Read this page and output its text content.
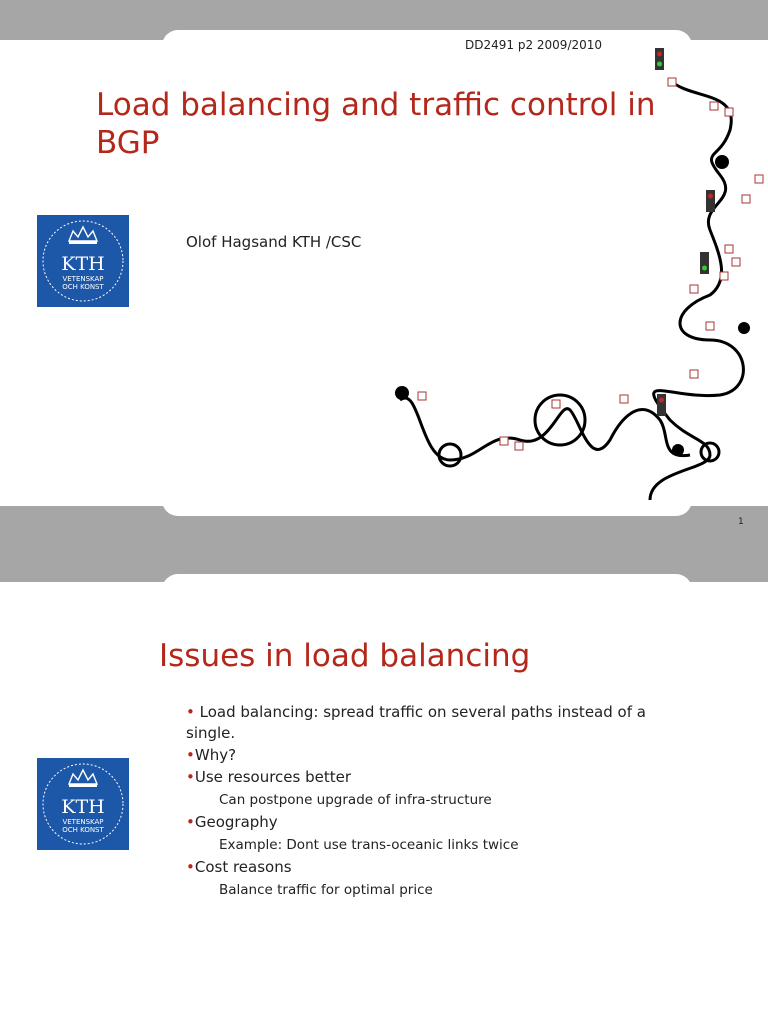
DD2491 p2 2009/2010
Load balancing and traffic control in BGP
Olof Hagsand KTH /CSC
KTH
VETENSKAP
OCH KONST
1
Issues in load balancing
KTH
VETENSKAP
OCH KONST
• Load balancing: spread traffic on several paths instead of a single.
•Why?
•Use resources better
Can postpone upgrade of infra-structure
•Geography
Example: Dont use trans-oceanic links twice
•Cost reasons
Balance traffic for optimal price
